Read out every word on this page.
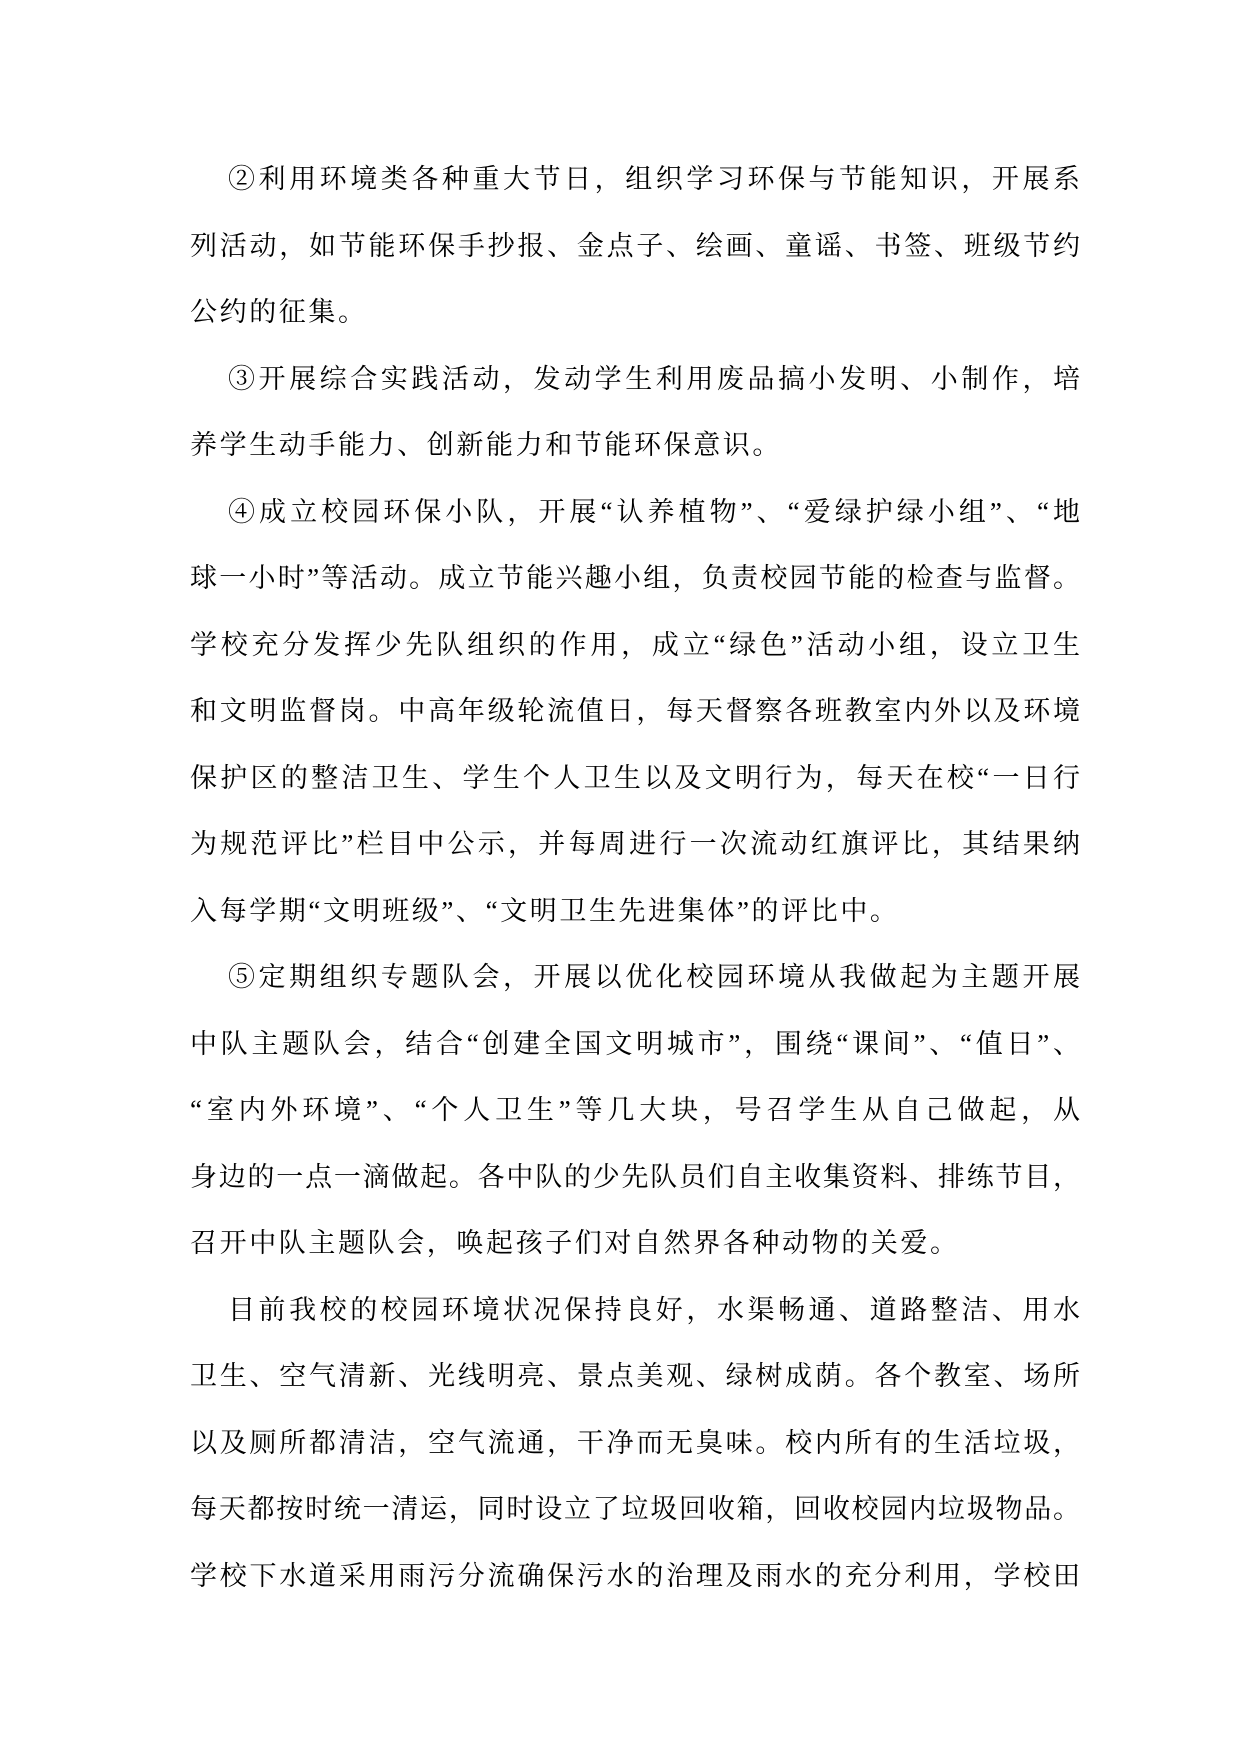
②利用环境类各种重大节日，组织学习环保与节能知识，开展系
列活动，如节能环保手抄报、金点子、绘画、童谣、书签、班级节约
公约的征集。
③开展综合实践活动，发动学生利用废品搞小发明、小制作，培
养学生动手能力、创新能力和节能环保意识。
④成立校园环保小队，开展“认养植物”、“爱绿护绿小组”、“地
球一小时”等活动。成立节能兴趣小组，负责校园节能的检查与监督。
学校充分发挥少先队组织的作用，成立“绿色”活动小组，设立卫生
和文明监督岗。中高年级轮流值日，每天督察各班教室内外以及环境
保护区的整洁卫生、学生个人卫生以及文明行为，每天在校“一日行
为规范评比”栏目中公示，并每周进行一次流动红旗评比，其结果纳
入每学期“文明班级”、“文明卫生先进集体”的评比中。
⑤定期组织专题队会，开展以优化校园环境从我做起为主题开展
中队主题队会，结合“创建全国文明城市”，围绕“课间”、“值日”、
“室内外环境”、“个人卫生”等几大块，号召学生从自己做起，从
身边的一点一滴做起。各中队的少先队员们自主收集资料、排练节目，
召开中队主题队会，唤起孩子们对自然界各种动物的关爱。
目前我校的校园环境状况保持良好，水渠畅通、道路整洁、用水
卫生、空气清新、光线明亮、景点美观、绿树成荫。各个教室、场所
以及厕所都清洁，空气流通，干净而无臭味。校内所有的生活垃圾，
每天都按时统一清运，同时设立了垃圾回收箱，回收校园内垃圾物品。
学校下水道采用雨污分流确保污水的治理及雨水的充分利用，学校田
